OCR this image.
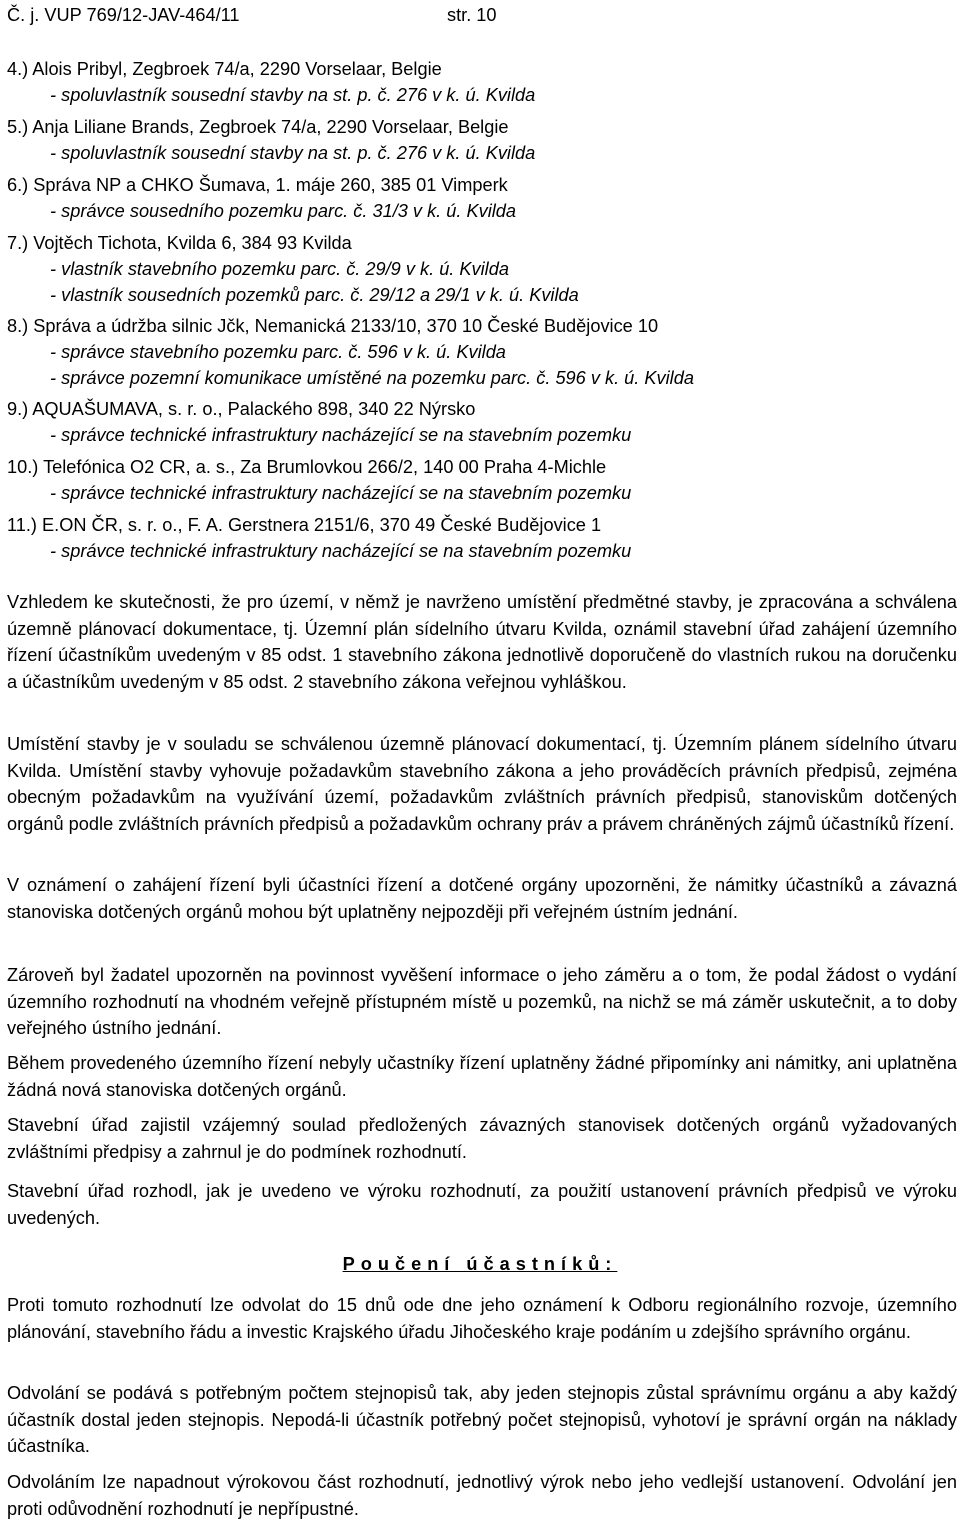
Č. j. VUP 769/12-JAV-464/11	str. 10
4.) Alois Pribyl, Zegbroek 74/a, 2290 Vorselaar, Belgie
- spoluvlastník sousední stavby na st. p. č. 276 v k. ú. Kvilda
5.) Anja Liliane Brands, Zegbroek 74/a, 2290 Vorselaar, Belgie
- spoluvlastník sousední stavby na st. p. č. 276 v k. ú. Kvilda
6.) Správa NP a CHKO Šumava, 1. máje 260, 385 01 Vimperk
- správce sousedního pozemku parc. č. 31/3 v k. ú. Kvilda
7.) Vojtěch Tichota, Kvilda 6, 384 93 Kvilda
- vlastník stavebního pozemku parc. č. 29/9 v k. ú. Kvilda
- vlastník sousedních pozemků parc. č. 29/12 a 29/1 v k. ú. Kvilda
8.) Správa a údržba silnic Jčk, Nemanická 2133/10, 370 10 České Budějovice 10
- správce stavebního pozemku parc. č. 596 v k. ú. Kvilda
- správce pozemní komunikace umístěné na pozemku parc. č. 596 v k. ú. Kvilda
9.) AQUAŠUMAVA, s. r. o., Palackého 898, 340 22 Nýrsko
- správce technické infrastruktury nacházející se na stavebním pozemku
10.) Telefónica O2 CR, a. s., Za Brumlovkou 266/2, 140 00 Praha 4-Michle
- správce technické infrastruktury nacházející se na stavebním pozemku
11.) E.ON ČR, s. r. o., F. A. Gerstnera 2151/6, 370 49 České Budějovice 1
- správce technické infrastruktury nacházející se na stavebním pozemku

Vzhledem ke skutečnosti, že pro území, v němž je navrženo umístění předmětné stavby, je zpracována a schválena územně plánovací dokumentace, tj. Územní plán sídelního útvaru Kvilda, oznámil stavební úřad zahájení územního řízení účastníkům uvedeným v 85 odst. 1 stavebního zákona jednotlivě doporučeně do vlastních rukou na doručenku a účastníkům uvedeným v 85 odst. 2 stavebního zákona veřejnou vyhláškou.

Umístění stavby je v souladu se schválenou územně plánovací dokumentací, tj. Územním plánem sídelního útvaru Kvilda. Umístění stavby vyhovuje požadavkům stavebního zákona a jeho prováděcích právních předpisů, zejména obecným požadavkům na využívání území, požadavkům zvláštních právních předpisů, stanoviskům dotčených orgánů podle zvláštních právních předpisů a požadavkům ochrany práv a právem chráněných zájmů účastníků řízení.

V oznámení o zahájení řízení byli účastníci řízení a dotčené orgány upozorněni, že námitky účastníků a závazná stanoviska dotčených orgánů mohou být uplatněny nejpozději při veřejném ústním jednání.

Zároveň byl žadatel upozorněn na povinnost vyvěšení informace o jeho záměru a o tom, že podal žádost o vydání územního rozhodnutí na vhodném veřejně přístupném místě u pozemků, na nichž se má záměr uskutečnit, a to doby veřejného ústního jednání.

Během provedeného územního řízení nebyly učastníky řízení uplatněny žádné připomínky ani námitky, ani uplatněna žádná nová stanoviska dotčených orgánů.

Stavební úřad zajistil vzájemný soulad předložených závazných stanovisek dotčených orgánů vyžadovaných zvláštními předpisy a zahrnul je do podmínek rozhodnutí.

Stavební úřad rozhodl, jak je uvedeno ve výroku rozhodnutí, za použití ustanovení právních předpisů ve výroku uvedených.

Poučení účastníků:

Proti tomuto rozhodnutí lze odvolat do 15 dnů ode dne jeho oznámení k Odboru regionálního rozvoje, územního plánování, stavebního řádu a investic Krajského úřadu Jihočeského kraje podáním u zdejšího správního orgánu.

Odvolání se podává s potřebným počtem stejnopisů tak, aby jeden stejnopis zůstal správnímu orgánu a aby každý účastník dostal jeden stejnopis. Nepodá-li účastník potřebný počet stejnopisů, vyhotoví je správní orgán na náklady účastníka.

Odvoláním lze napadnout výrokovou část rozhodnutí, jednotlivý výrok nebo jeho vedlejší ustanovení. Odvolání jen proti odůvodnění rozhodnutí je nepřípustné.
